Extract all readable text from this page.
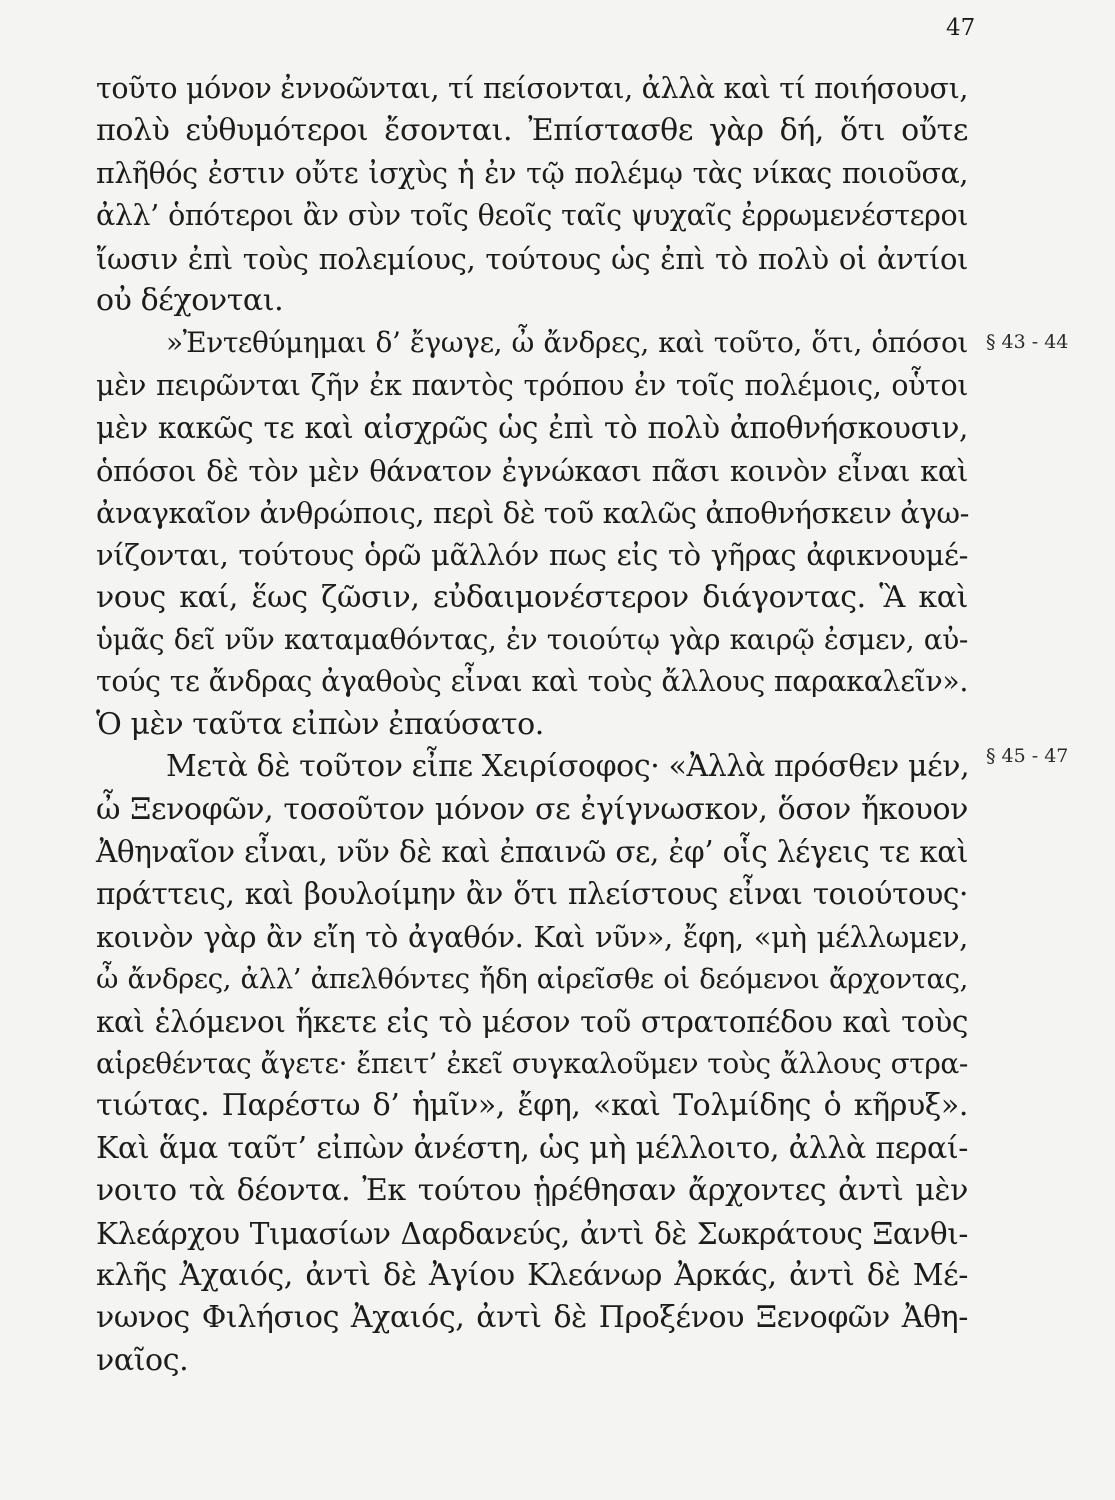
47
§ 43 - 44
§ 45 - 47
τοῦτο μόνον ἐννοῶνται, τί πείσονται, ἀλλὰ καὶ τί ποιήσουσι,
πολὺ εὐθυμότεροι ἔσονται. Ἐπίστασθε γὰρ δή, ὅτι οὔτε
πλῆθός ἐστιν οὔτε ἰσχὺς ἡ ἐν τῷ πολέμῳ τὰς νίκας ποιοῦσα,
ἀλλ’ ὁπότεροι ἂν σὺν τοῖς θεοῖς ταῖς ψυχαῖς ἐρρωμενέστεροι
ἴωσιν ἐπὶ τοὺς πολεμίους, τούτους ὡς ἐπὶ τὸ πολὺ οἱ ἀντίοι
οὐ δέχονται.
»Ἐντεθύμημαι δ’ ἔγωγε, ὦ ἄνδρες, καὶ τοῦτο, ὅτι, ὁπόσοι
μὲν πειρῶνται ζῆν ἐκ παντὸς τρόπου ἐν τοῖς πολέμοις, οὗτοι
μὲν κακῶς τε καὶ αἰσχρῶς ὡς ἐπὶ τὸ πολὺ ἀποθνήσκουσιν,
ὁπόσοι δὲ τὸν μὲν θάνατον ἐγνώκασι πᾶσι κοινὸν εἶναι καὶ
ἀναγκαῖον ἀνθρώποις, περὶ δὲ τοῦ καλῶς ἀποθνήσκειν ἀγω-
νίζονται, τούτους ὁρῶ μᾶλλόν πως εἰς τὸ γῆρας ἀφικνουμέ-
νους καί, ἕως ζῶσιν, εὐδαιμονέστερον διάγοντας. Ἃ καὶ
ὑμᾶς δεῖ νῦν καταμαθόντας, ἐν τοιούτῳ γὰρ καιρῷ ἐσμεν, αὐ-
τούς τε ἄνδρας ἀγαθοὺς εἶναι καὶ τοὺς ἄλλους παρακαλεῖν».
Ὁ μὲν ταῦτα εἰπὼν ἐπαύσατο.
Μετὰ δὲ τοῦτον εἶπε Χειρίσοφος· «Ἀλλὰ πρόσθεν μέν,
ὦ Ξενοφῶν, τοσοῦτον μόνον σε ἐγίγνωσκον, ὅσον ἤκουον
Ἀθηναῖον εἶναι, νῦν δὲ καὶ ἐπαινῶ σε, ἐφ’ οἷς λέγεις τε καὶ
πράττεις, καὶ βουλοίμην ἂν ὅτι πλείστους εἶναι τοιούτους·
κοινὸν γὰρ ἂν εἴη τὸ ἀγαθόν. Καὶ νῦν», ἔφη, «μὴ μέλλωμεν,
ὦ ἄνδρες, ἀλλ’ ἀπελθόντες ἤδη αἱρεῖσθε οἱ δεόμενοι ἄρχοντας,
καὶ ἑλόμενοι ἥκετε εἰς τὸ μέσον τοῦ στρατοπέδου καὶ τοὺς
αἱρεθέντας ἄγετε· ἔπειτ’ ἐκεῖ συγκαλοῦμεν τοὺς ἄλλους στρα-
τιώτας. Παρέστω δ’ ἡμῖν», ἔφη, «καὶ Τολμίδης ὁ κῆρυξ».
Καὶ ἅμα ταῦτ’ εἰπὼν ἀνέστη, ὡς μὴ μέλλοιτο, ἀλλὰ περαί-
νοιτο τὰ δέοντα. Ἐκ τούτου ᾑρέθησαν ἄρχοντες ἀντὶ μὲν
Κλεάρχου Τιμασίων Δαρδανεύς, ἀντὶ δὲ Σωκράτους Ξανθι-
κλῆς Ἀχαιός, ἀντὶ δὲ Ἀγίου Κλεάνωρ Ἀρκάς, ἀντὶ δὲ Μέ-
νωνος Φιλήσιος Ἀχαιός, ἀντὶ δὲ Προξένου Ξενοφῶν Ἀθη-
ναῖος.
